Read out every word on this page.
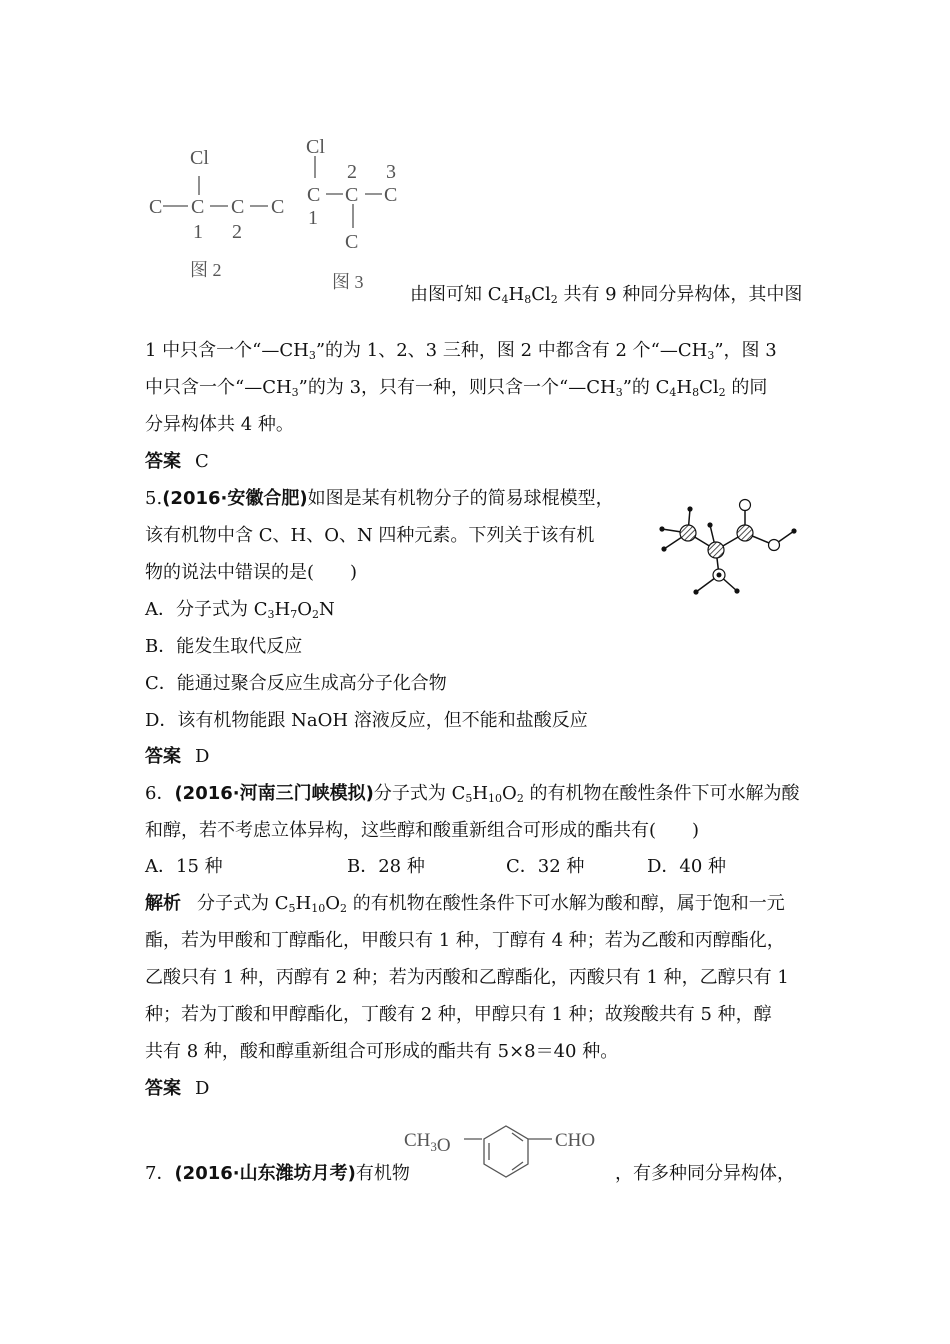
Cl
C C C C
1 2
图 2
Cl
C C C
C
1
2 3
图 3
由图可知 $C_4H_8Cl_2$ 共有 9 种同分异构体，其中图
1 中只含一个“$—CH_3$”的为 1、2、3 三种，图 2 中都含有 2 个“$—CH_3$”，图 3
中只含一个“$—CH_3$”的为 3，只有一种，则只含一个“$—CH_3$”的 $C_4H_8Cl_2$ 的同
分异构体共 4 种。
答案 C
5.(2016·安徽合肥)如图是某有机物分子的简易球棍模型，
该有机物中含 C、H、O、N 四种元素。下列关于该有机
物的说法中错误的是(　　)
A．分子式为 $C_3H_7O_2N$
B．能发生取代反应
C．能通过聚合反应生成高分子化合物
D．该有机物能跟 NaOH 溶液反应，但不能和盐酸反应
答案 D
6．(2016·河南三门峡模拟)分子式为 $C_5H_{10}O_2$ 的有机物在酸性条件下可水解为酸
和醇，若不考虑立体异构，这些醇和酸重新组合可形成的酯共有(　　)
A．15 种	B．28 种	C．32 种	D．40 种
解析 分子式为 $C_5H_{10}O_2$ 的有机物在酸性条件下可水解为酸和醇，属于饱和一元
酯，若为甲酸和丁醇酯化，甲酸只有 1 种，丁醇有 4 种；若为乙酸和丙醇酯化，
乙酸只有 1 种，丙醇有 2 种；若为丙酸和乙醇酯化，丙酸只有 1 种，乙醇只有 1
种；若为丁酸和甲醇酯化，丁酸有 2 种，甲醇只有 1 种；故羧酸共有 5 种，醇
共有 8 种，酸和醇重新组合可形成的酯共有 5×8＝40 种。
答案 D
$CH_3O$	CHO
7．(2016·山东潍坊月考)有机物	，有多种同分异构体，
